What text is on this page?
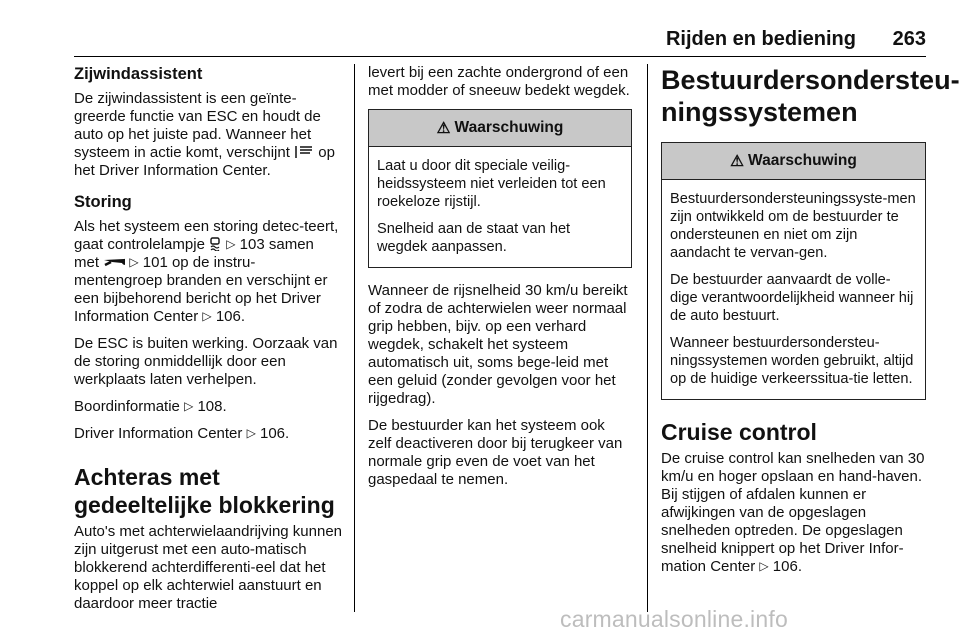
Rijden en bediening 263
Zijwindassistent

De zijwindassistent is een geïnte-greerde functie van ESC en houdt de auto op het juiste pad. Wanneer het systeem in actie komt, verschijnt op het Driver Information Center.

Storing

Als het systeem een storing detec-teert, gaat controlelampje ▷ 103 samen met	▷ 101 op de instru-mentengroep branden en verschijnt er een bijbehorend bericht op het Driver Information Center ▷ 106.

De ESC is buiten werking. Oorzaak van de storing onmiddellijk door een werkplaats laten verhelpen.

Boordinformatie ▷ 108.

Driver Information Center ▷ 106.

Achteras met gedeeltelijke blokkering

Auto's met achterwielaandrijving kunnen zijn uitgerust met een auto-matisch blokkerend achterdifferenti-eel dat het koppel op elk achterwiel aanstuurt en daardoor meer tractie

levert bij een zachte ondergrond of een met modder of sneeuw bedekt wegdek.

⚠ Waarschuwing

Laat u door dit speciale veilig-heidssysteem niet verleiden tot een roekeloze rijstijl.

Snelheid aan de staat van het wegdek aanpassen.

Wanneer de rijsnelheid 30 km/u bereikt of zodra de achterwielen weer normaal grip hebben, bijv. op een verhard wegdek, schakelt het systeem automatisch uit, soms bege-leid met een geluid (zonder gevolgen voor het rijgedrag).

De bestuurder kan het systeem ook zelf deactiveren door bij terugkeer van normale grip even de voet van het gaspedaal te nemen.

Bestuurdersondersteu-ningssystemen
⚠ Waarschuwing

Bestuurdersondersteuningssyste-men zijn ontwikkeld om de bestuurder te ondersteunen en niet om zijn aandacht te vervan-gen.

De bestuurder aanvaardt de volle-dige verantwoordelijkheid wanneer hij de auto bestuurt.

Wanneer bestuurdersondersteu-ningssystemen worden gebruikt, altijd op de huidige verkeerssitua-tie letten.

Cruise control

De cruise control kan snelheden van 30 km/u en hoger opslaan en hand-haven. Bij stijgen of afdalen kunnen er afwijkingen van de opgeslagen snelheden optreden. De opgeslagen snelheid knippert op het Driver Infor-mation Center ▷ 106.

carmanualsonline.info
